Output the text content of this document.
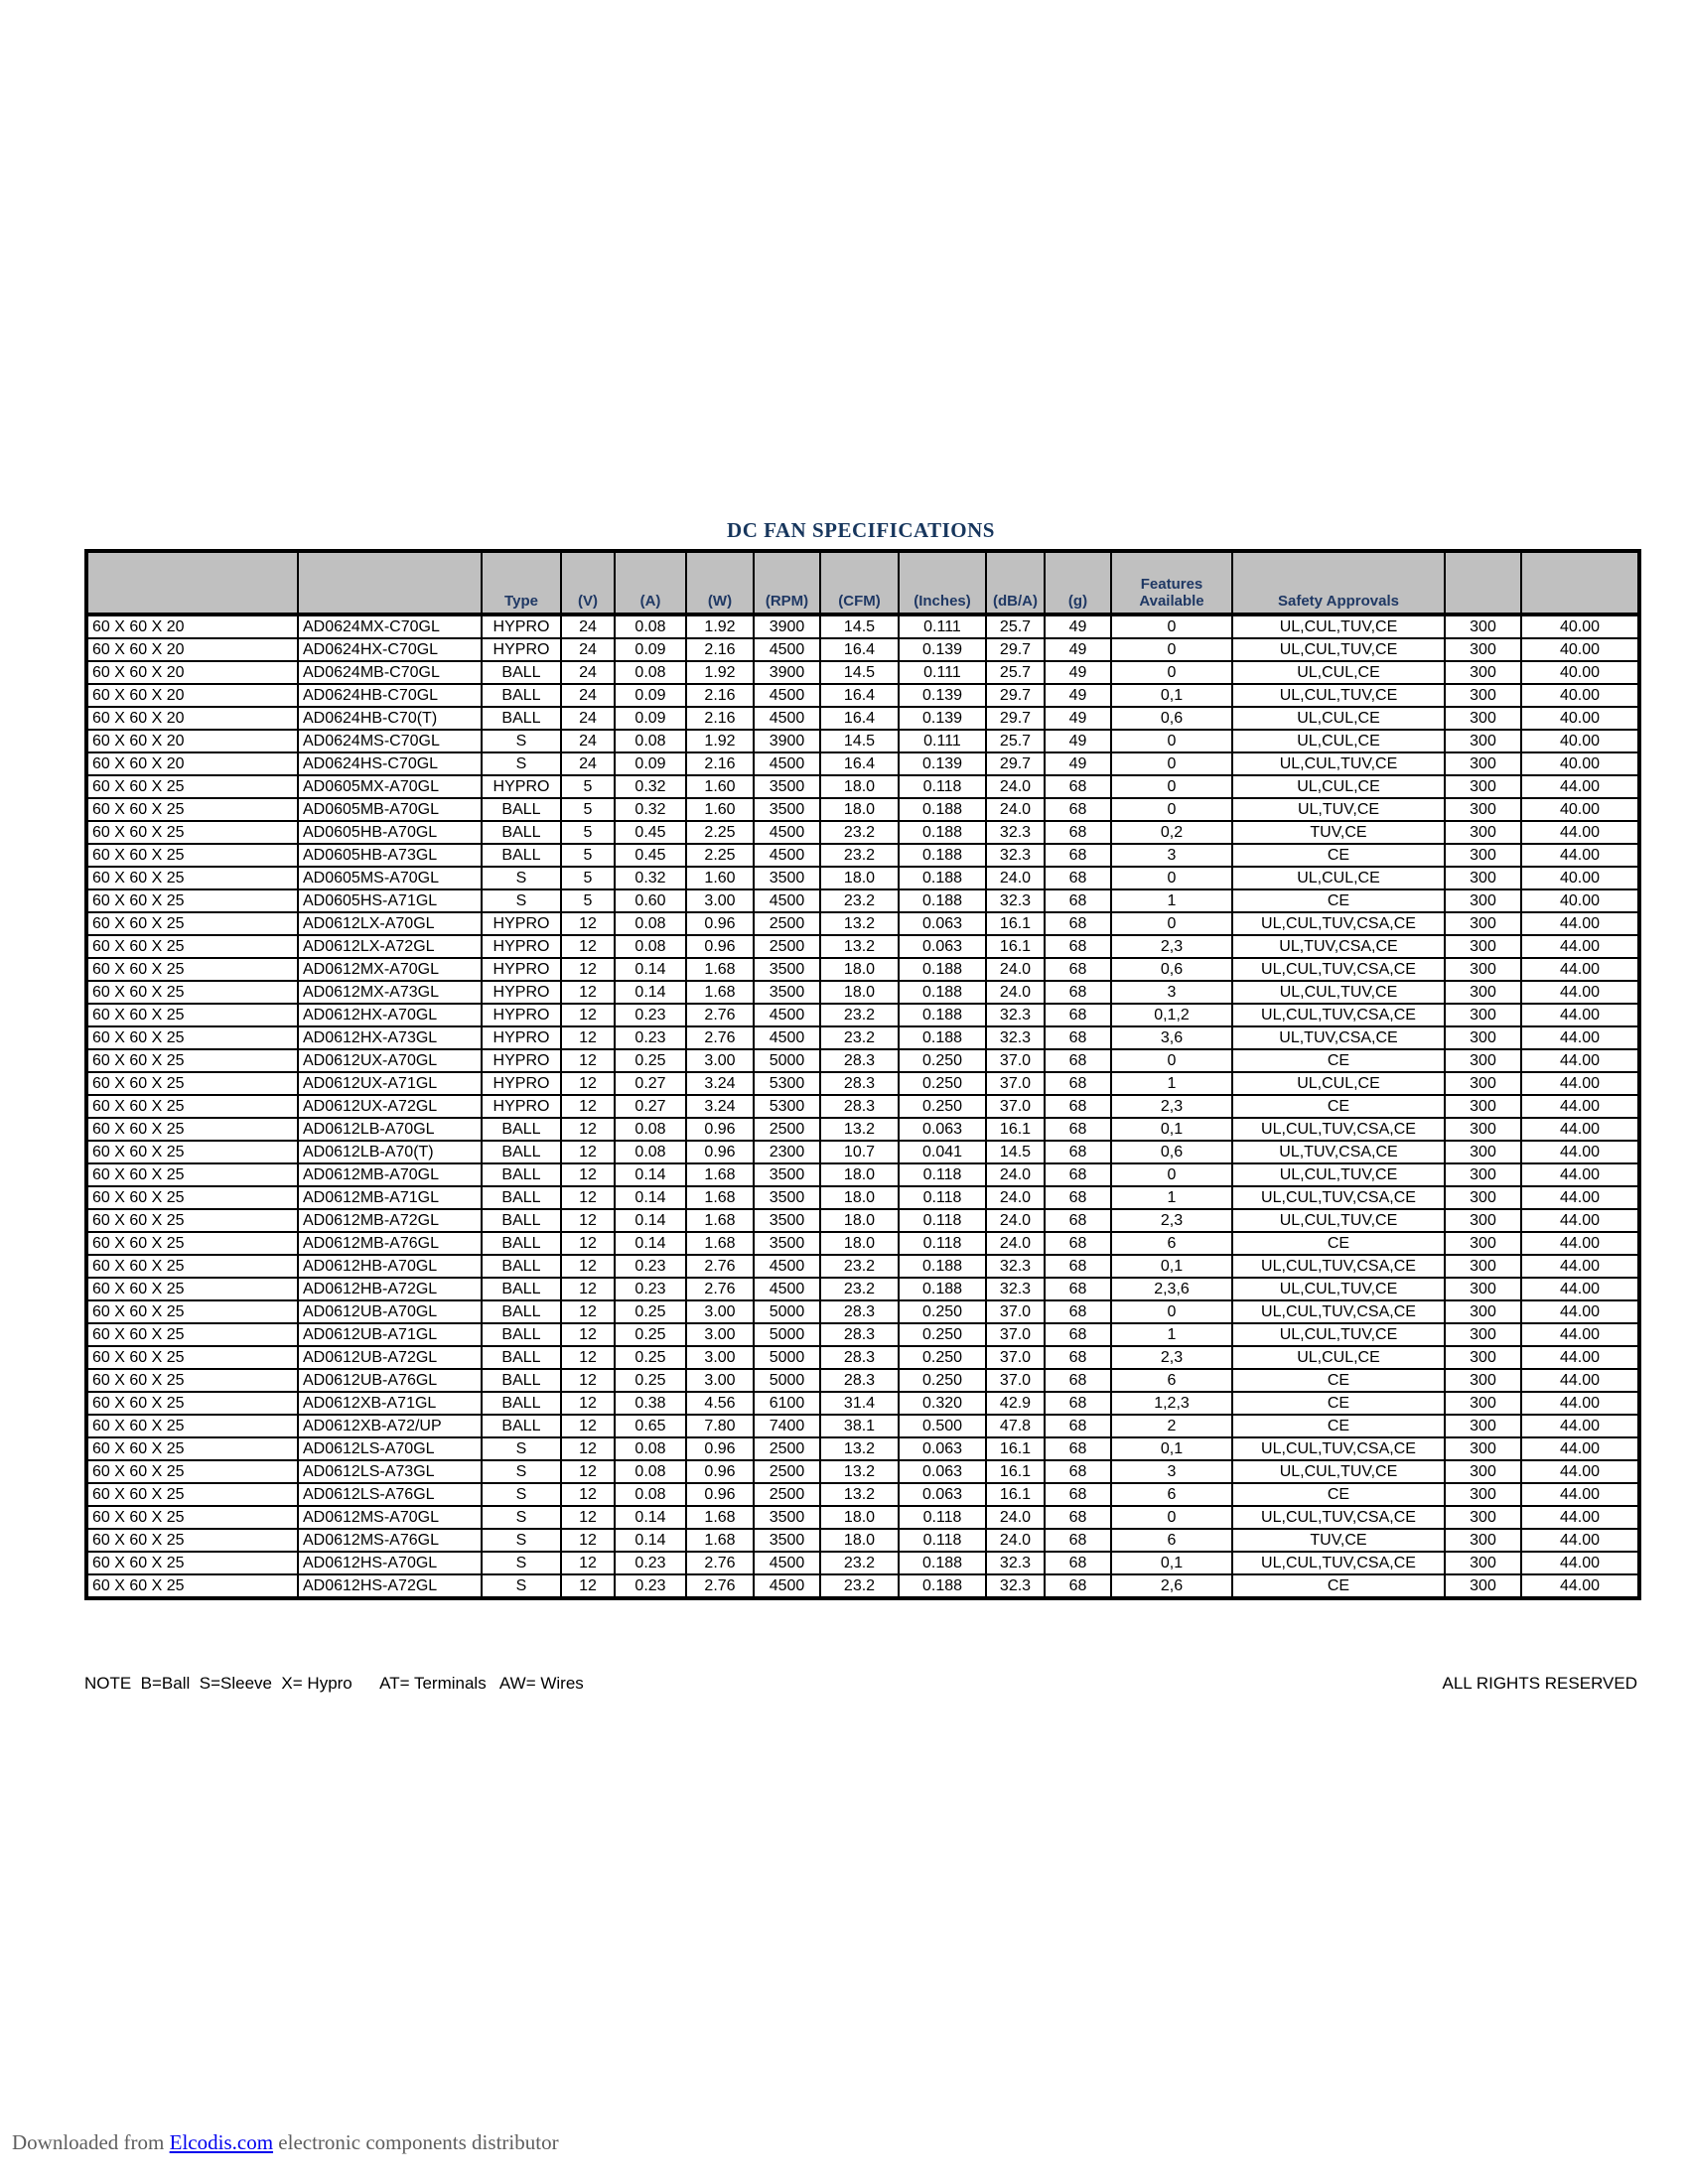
DC FAN SPECIFICATIONS
		Type	(V)	(A)	(W)	(RPM)	(CFM)	(Inches)	(dB/A)	(g)	Features Available	Safety Approvals		
60 X 60 X 20	AD0624MX-C70GL	HYPRO	24	0.08	1.92	3900	14.5	0.111	25.7	49	0	UL,CUL,TUV,CE	300	40.00
60 X 60 X 20	AD0624HX-C70GL	HYPRO	24	0.09	2.16	4500	16.4	0.139	29.7	49	0	UL,CUL,TUV,CE	300	40.00
60 X 60 X 20	AD0624MB-C70GL	BALL	24	0.08	1.92	3900	14.5	0.111	25.7	49	0	UL,CUL,CE	300	40.00
60 X 60 X 20	AD0624HB-C70GL	BALL	24	0.09	2.16	4500	16.4	0.139	29.7	49	0,1	UL,CUL,TUV,CE	300	40.00
60 X 60 X 20	AD0624HB-C70(T)	BALL	24	0.09	2.16	4500	16.4	0.139	29.7	49	0,6	UL,CUL,CE	300	40.00
60 X 60 X 20	AD0624MS-C70GL	S	24	0.08	1.92	3900	14.5	0.111	25.7	49	0	UL,CUL,CE	300	40.00
60 X 60 X 20	AD0624HS-C70GL	S	24	0.09	2.16	4500	16.4	0.139	29.7	49	0	UL,CUL,TUV,CE	300	40.00
60 X 60 X 25	AD0605MX-A70GL	HYPRO	5	0.32	1.60	3500	18.0	0.118	24.0	68	0	UL,CUL,CE	300	44.00
60 X 60 X 25	AD0605MB-A70GL	BALL	5	0.32	1.60	3500	18.0	0.188	24.0	68	0	UL,TUV,CE	300	40.00
60 X 60 X 25	AD0605HB-A70GL	BALL	5	0.45	2.25	4500	23.2	0.188	32.3	68	0,2	TUV,CE	300	44.00
60 X 60 X 25	AD0605HB-A73GL	BALL	5	0.45	2.25	4500	23.2	0.188	32.3	68	3	CE	300	44.00
60 X 60 X 25	AD0605MS-A70GL	S	5	0.32	1.60	3500	18.0	0.188	24.0	68	0	UL,CUL,CE	300	40.00
60 X 60 X 25	AD0605HS-A71GL	S	5	0.60	3.00	4500	23.2	0.188	32.3	68	1	CE	300	40.00
60 X 60 X 25	AD0612LX-A70GL	HYPRO	12	0.08	0.96	2500	13.2	0.063	16.1	68	0	UL,CUL,TUV,CSA,CE	300	44.00
60 X 60 X 25	AD0612LX-A72GL	HYPRO	12	0.08	0.96	2500	13.2	0.063	16.1	68	2,3	UL,TUV,CSA,CE	300	44.00
60 X 60 X 25	AD0612MX-A70GL	HYPRO	12	0.14	1.68	3500	18.0	0.188	24.0	68	0,6	UL,CUL,TUV,CSA,CE	300	44.00
60 X 60 X 25	AD0612MX-A73GL	HYPRO	12	0.14	1.68	3500	18.0	0.188	24.0	68	3	UL,CUL,TUV,CE	300	44.00
60 X 60 X 25	AD0612HX-A70GL	HYPRO	12	0.23	2.76	4500	23.2	0.188	32.3	68	0,1,2	UL,CUL,TUV,CSA,CE	300	44.00
60 X 60 X 25	AD0612HX-A73GL	HYPRO	12	0.23	2.76	4500	23.2	0.188	32.3	68	3,6	UL,TUV,CSA,CE	300	44.00
60 X 60 X 25	AD0612UX-A70GL	HYPRO	12	0.25	3.00	5000	28.3	0.250	37.0	68	0	CE	300	44.00
60 X 60 X 25	AD0612UX-A71GL	HYPRO	12	0.27	3.24	5300	28.3	0.250	37.0	68	1	UL,CUL,CE	300	44.00
60 X 60 X 25	AD0612UX-A72GL	HYPRO	12	0.27	3.24	5300	28.3	0.250	37.0	68	2,3	CE	300	44.00
60 X 60 X 25	AD0612LB-A70GL	BALL	12	0.08	0.96	2500	13.2	0.063	16.1	68	0,1	UL,CUL,TUV,CSA,CE	300	44.00
60 X 60 X 25	AD0612LB-A70(T)	BALL	12	0.08	0.96	2300	10.7	0.041	14.5	68	0,6	UL,TUV,CSA,CE	300	44.00
60 X 60 X 25	AD0612MB-A70GL	BALL	12	0.14	1.68	3500	18.0	0.118	24.0	68	0	UL,CUL,TUV,CE	300	44.00
60 X 60 X 25	AD0612MB-A71GL	BALL	12	0.14	1.68	3500	18.0	0.118	24.0	68	1	UL,CUL,TUV,CSA,CE	300	44.00
60 X 60 X 25	AD0612MB-A72GL	BALL	12	0.14	1.68	3500	18.0	0.118	24.0	68	2,3	UL,CUL,TUV,CE	300	44.00
60 X 60 X 25	AD0612MB-A76GL	BALL	12	0.14	1.68	3500	18.0	0.118	24.0	68	6	CE	300	44.00
60 X 60 X 25	AD0612HB-A70GL	BALL	12	0.23	2.76	4500	23.2	0.188	32.3	68	0,1	UL,CUL,TUV,CSA,CE	300	44.00
60 X 60 X 25	AD0612HB-A72GL	BALL	12	0.23	2.76	4500	23.2	0.188	32.3	68	2,3,6	UL,CUL,TUV,CE	300	44.00
60 X 60 X 25	AD0612UB-A70GL	BALL	12	0.25	3.00	5000	28.3	0.250	37.0	68	0	UL,CUL,TUV,CSA,CE	300	44.00
60 X 60 X 25	AD0612UB-A71GL	BALL	12	0.25	3.00	5000	28.3	0.250	37.0	68	1	UL,CUL,TUV,CE	300	44.00
60 X 60 X 25	AD0612UB-A72GL	BALL	12	0.25	3.00	5000	28.3	0.250	37.0	68	2,3	UL,CUL,CE	300	44.00
60 X 60 X 25	AD0612UB-A76GL	BALL	12	0.25	3.00	5000	28.3	0.250	37.0	68	6	CE	300	44.00
60 X 60 X 25	AD0612XB-A71GL	BALL	12	0.38	4.56	6100	31.4	0.320	42.9	68	1,2,3	CE	300	44.00
60 X 60 X 25	AD0612XB-A72/UP	BALL	12	0.65	7.80	7400	38.1	0.500	47.8	68	2	CE	300	44.00
60 X 60 X 25	AD0612LS-A70GL	S	12	0.08	0.96	2500	13.2	0.063	16.1	68	0,1	UL,CUL,TUV,CSA,CE	300	44.00
60 X 60 X 25	AD0612LS-A73GL	S	12	0.08	0.96	2500	13.2	0.063	16.1	68	3	UL,CUL,TUV,CE	300	44.00
60 X 60 X 25	AD0612LS-A76GL	S	12	0.08	0.96	2500	13.2	0.063	16.1	68	6	CE	300	44.00
60 X 60 X 25	AD0612MS-A70GL	S	12	0.14	1.68	3500	18.0	0.118	24.0	68	0	UL,CUL,TUV,CSA,CE	300	44.00
60 X 60 X 25	AD0612MS-A76GL	S	12	0.14	1.68	3500	18.0	0.118	24.0	68	6	TUV,CE	300	44.00
60 X 60 X 25	AD0612HS-A70GL	S	12	0.23	2.76	4500	23.2	0.188	32.3	68	0,1	UL,CUL,TUV,CSA,CE	300	44.00
60 X 60 X 25	AD0612HS-A72GL	S	12	0.23	2.76	4500	23.2	0.188	32.3	68	2,6	CE	300	44.00
NOTE  B=Ball  S=Sleeve  X= Hypro      AT= Terminals   AW= Wires	ALL RIGHTS RESERVED
Downloaded from Elcodis.com electronic components distributor
